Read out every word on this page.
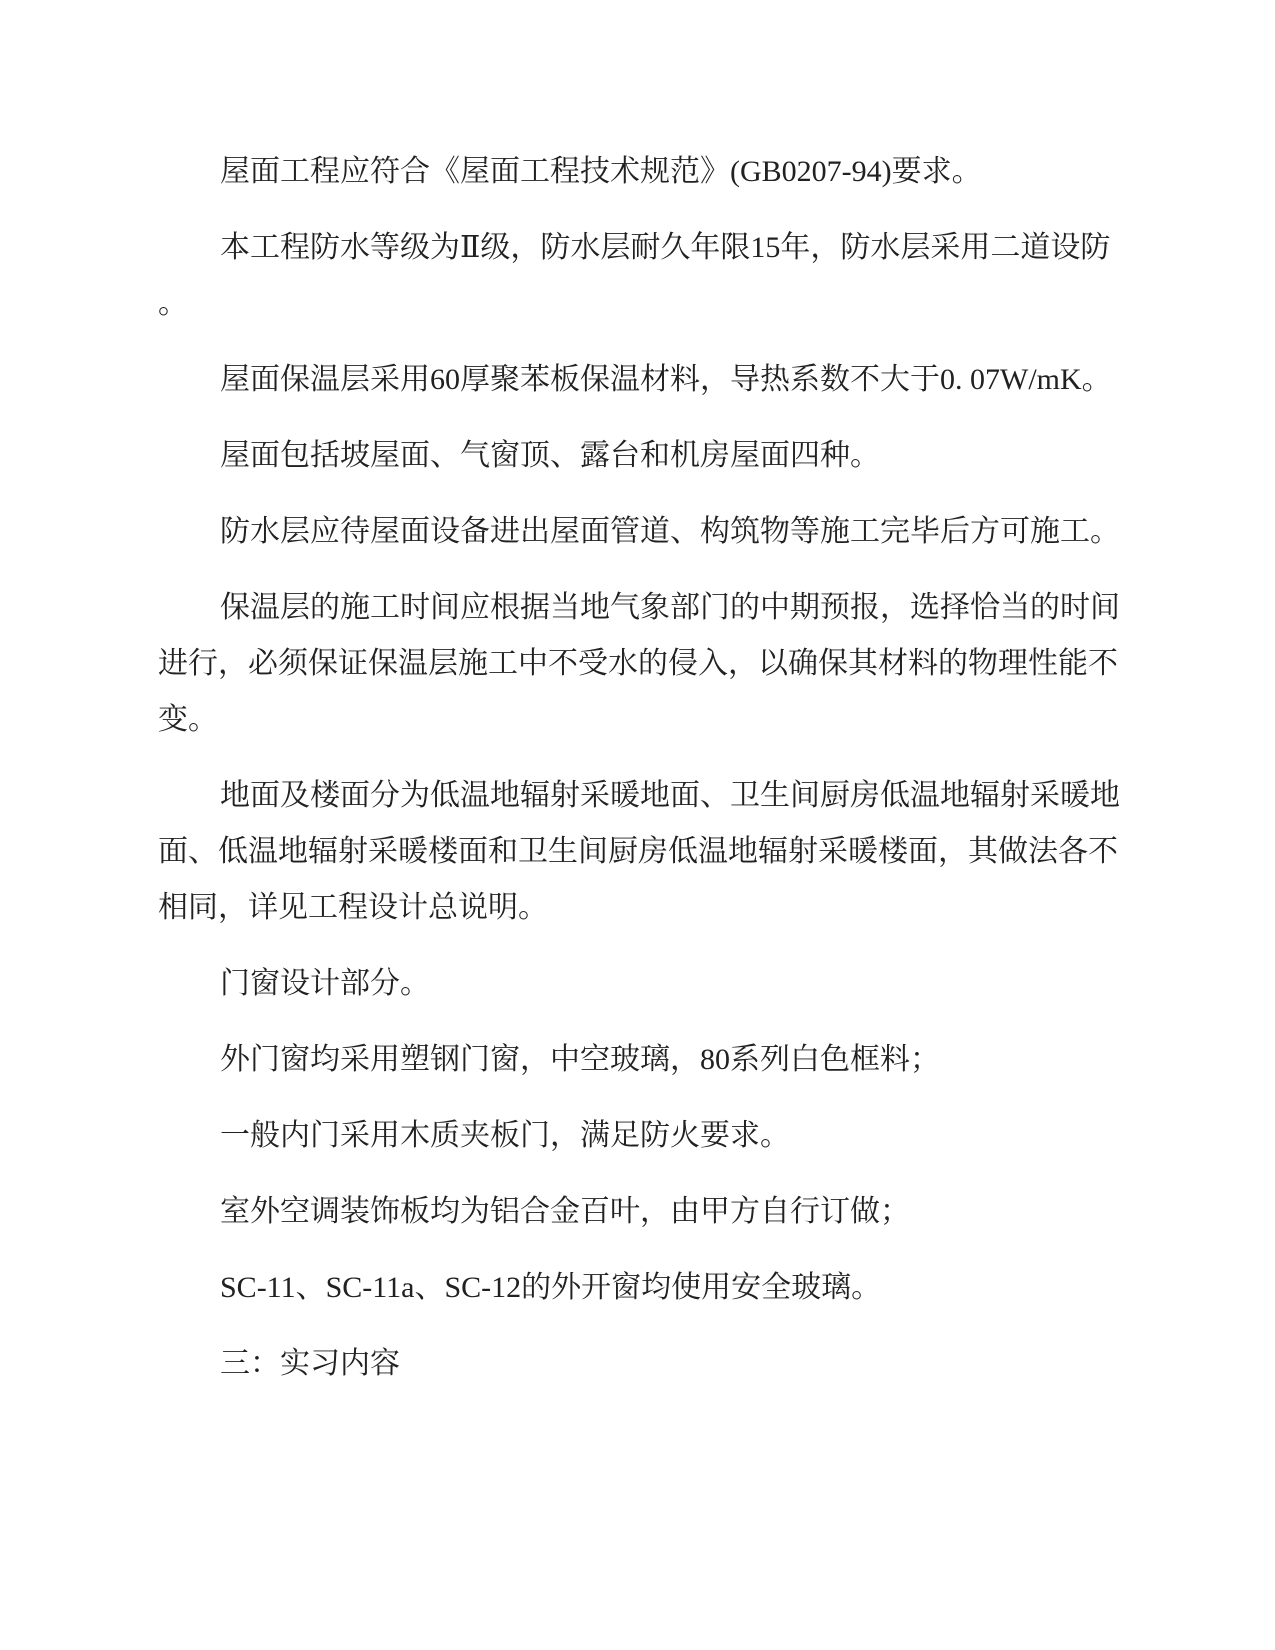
屋面工程应符合《屋面工程技术规范》(GB0207-94)要求。
本工程防水等级为Ⅱ级，防水层耐久年限15年，防水层采用二道设防
。
屋面保温层采用60厚聚苯板保温材料，导热系数不大于0. 07W/mK。
屋面包括坡屋面、气窗顶、露台和机房屋面四种。
防水层应待屋面设备进出屋面管道、构筑物等施工完毕后方可施工。
保温层的施工时间应根据当地气象部门的中期预报，选择恰当的时间
进行，必须保证保温层施工中不受水的侵入，以确保其材料的物理性能不
变。
地面及楼面分为低温地辐射采暖地面、卫生间厨房低温地辐射采暖地
面、低温地辐射采暖楼面和卫生间厨房低温地辐射采暖楼面，其做法各不
相同，详见工程设计总说明。
门窗设计部分。
外门窗均采用塑钢门窗，中空玻璃，80系列白色框料；
一般内门采用木质夹板门，满足防火要求。
室外空调装饰板均为铝合金百叶，由甲方自行订做；
SC-11、SC-11a、SC-12的外开窗均使用安全玻璃。
三：实习内容
